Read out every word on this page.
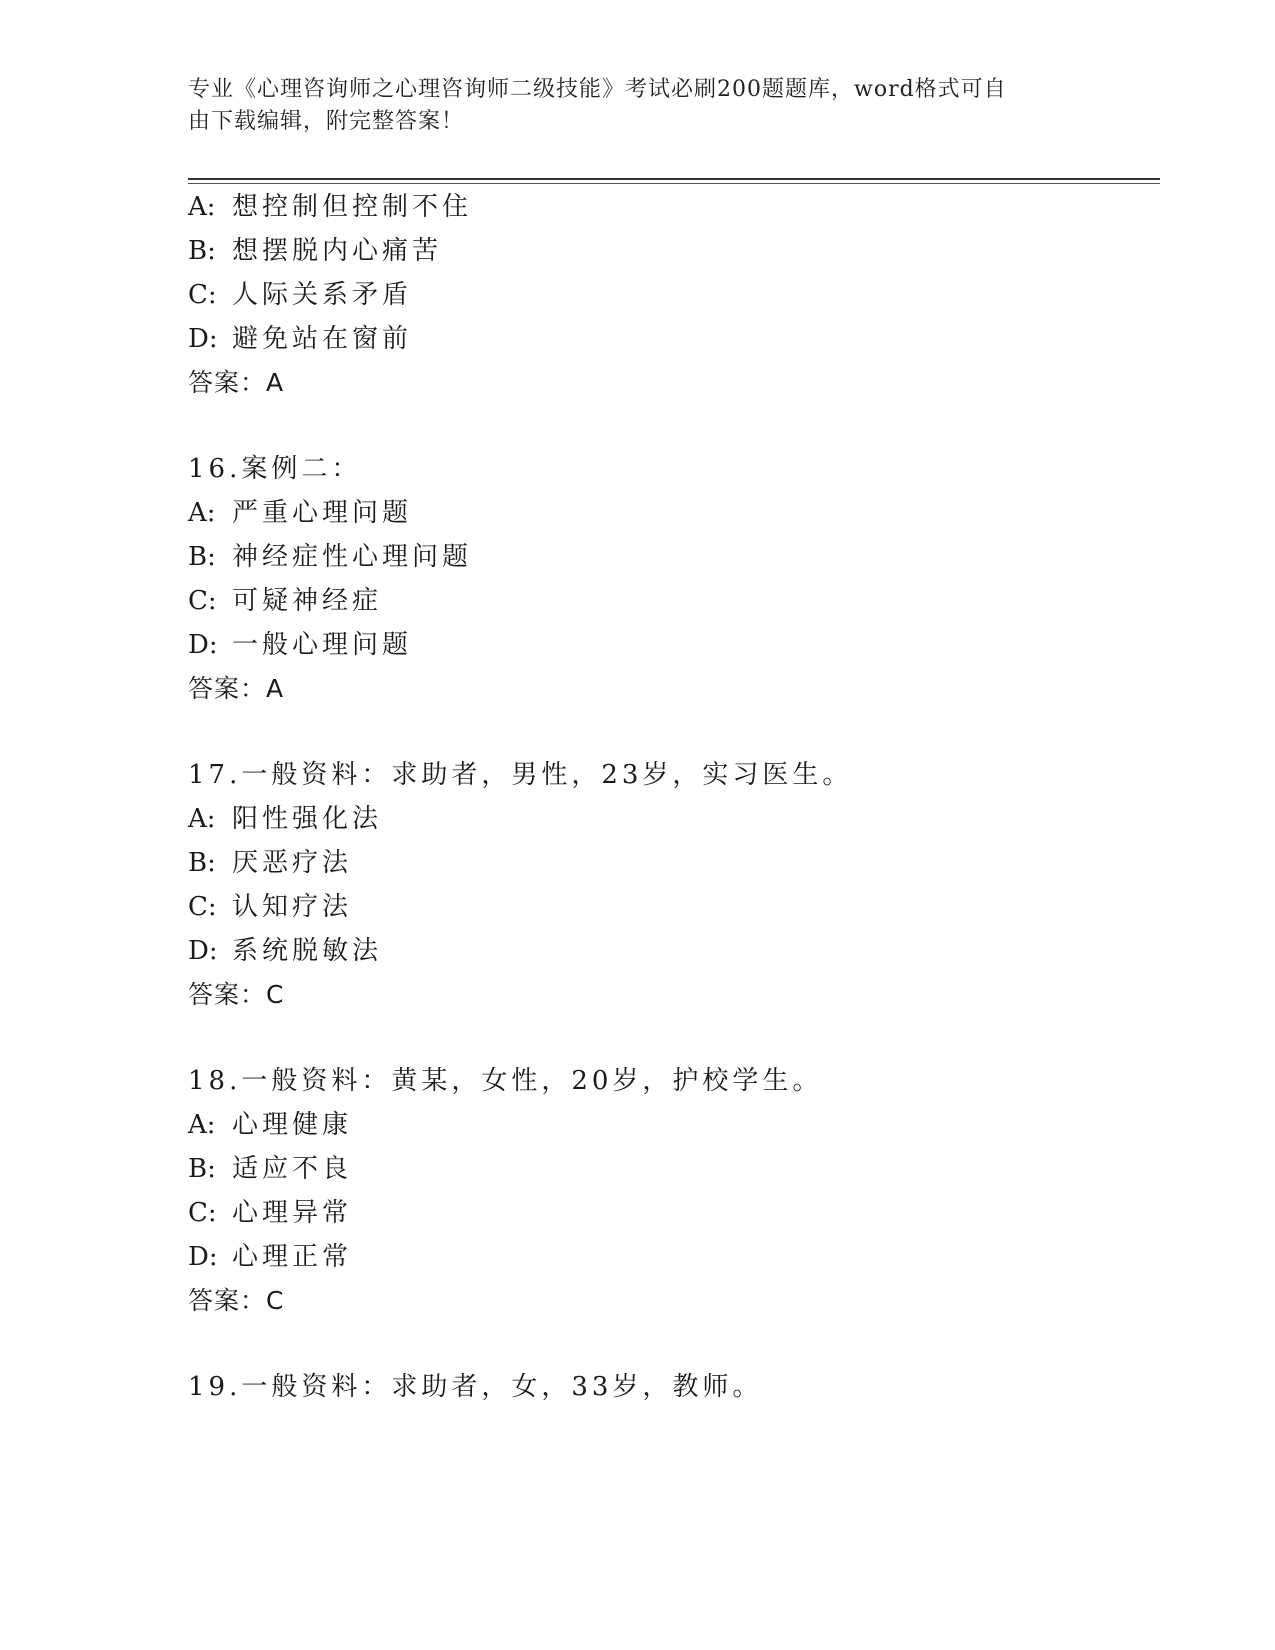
专业《心理咨询师之心理咨询师二级技能》考试必刷200题题库，word格式可自
由下载编辑，附完整答案！
A: 想控制但控制不住
B: 想摆脱内心痛苦
C: 人际关系矛盾
D: 避免站在窗前
答案：A
16.案例二：
A: 严重心理问题
B: 神经症性心理问题
C: 可疑神经症
D: 一般心理问题
答案：A
17.一般资料：求助者，男性，23岁，实习医生。
A: 阳性强化法
B: 厌恶疗法
C: 认知疗法
D: 系统脱敏法
答案：C
18.一般资料：黄某，女性，20岁，护校学生。
A: 心理健康
B: 适应不良
C: 心理异常
D: 心理正常
答案：C
19.一般资料：求助者，女，33岁，教师。
